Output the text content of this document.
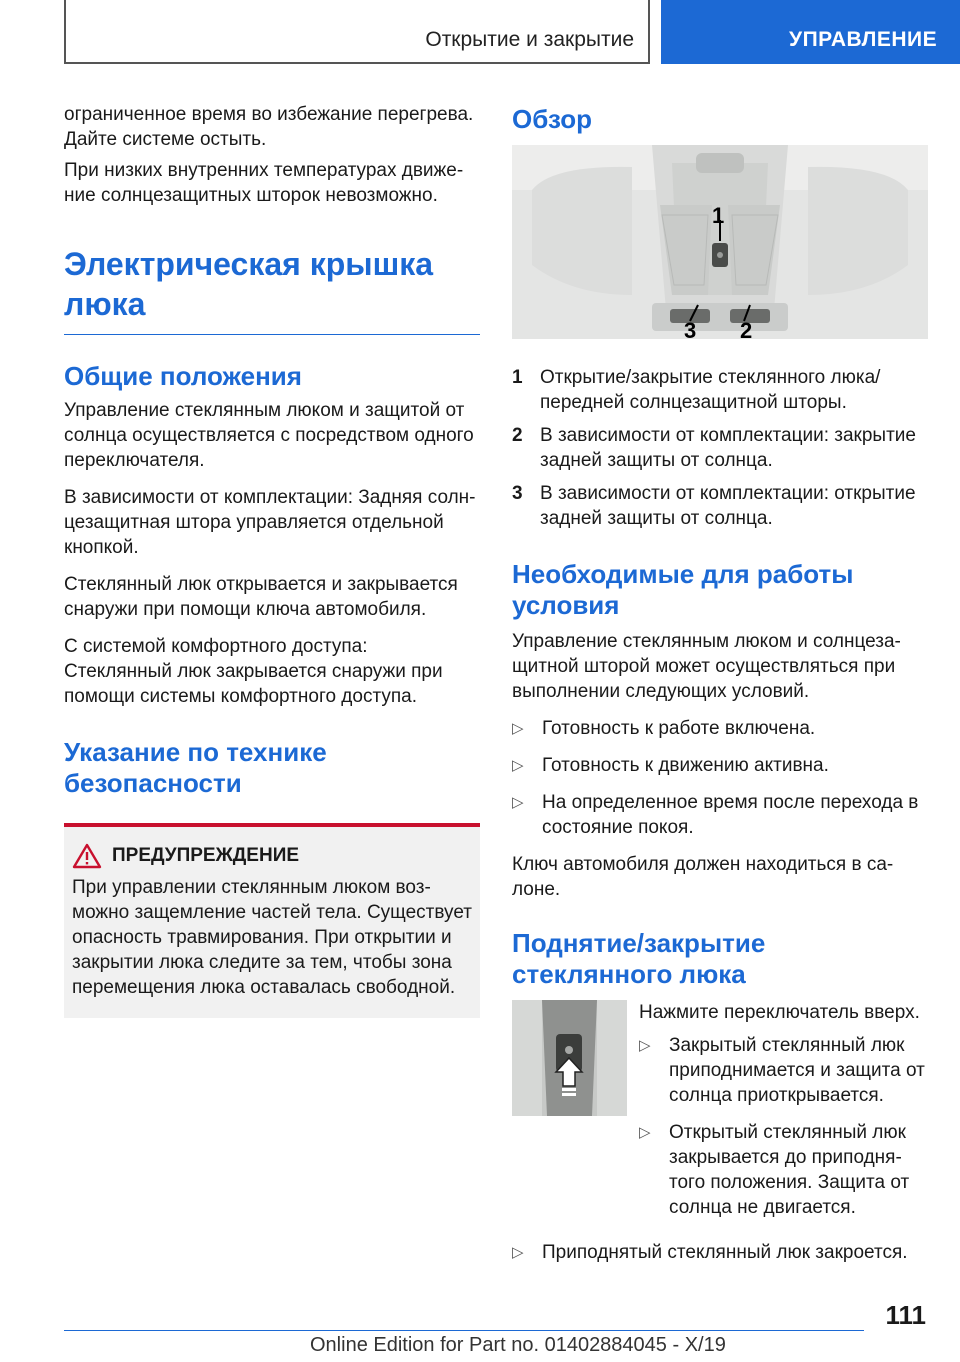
Открытие и закрытие	УПРАВЛЕНИЕ

ограниченное время во избежание перегрева. Дайте системе остыть.

При низких внутренних температурах движение солнцезащитных шторок невозможно.

Электрическая крышка люка
Общие положения

Управление стеклянным люком и защитой от солнца осуществляется с посредством одного переключателя.

В зависимости от комплектации: Задняя солнцезащитная штора управляется отдельной кнопкой.

Стеклянный люк открывается и закрывается снаружи при помощи ключа автомобиля.

С системой комфортного доступа: Стеклянный люк закрывается снаружи при помощи системы комфортного доступа.

Указание по технике безопасности
ПРЕДУПРЕЖДЕНИЕ

При управлении стеклянным люком возможно защемление частей тела. Существует опасность травмирования. При открытии и закрытии люка следите за тем, чтобы зона перемещения люка оставалась свободной.

Обзор
1
3 2
1 Открытие/закрытие стеклянного люка/ передней солнцезащитной шторы.
2 В зависимости от комплектации: закрытие задней защиты от солнца.
3 В зависимости от комплектации: открытие задней защиты от солнца.
Необходимые для работы условия

Управление стеклянным люком и солнцезащитной шторой может осуществляться при выполнении следующих условий.

▷ Готовность к работе включена.
▷ Готовность к движению активна.
▷ На определенное время после перехода в состояние покоя.

Ключ автомобиля должен находиться в салоне.

Поднятие/закрытие стеклянного люка

Нажмите переключатель вверх.

▷ Закрытый стеклянный люк приподнимается и защита от солнца приоткрывается.
▷ Открытый стеклянный люк закрывается до приподнятого положения. Защита от солнца не двигается.
▷ Приподнятый стеклянный люк закроется.
111
Online Edition for Part no. 01402884045 - X/19
